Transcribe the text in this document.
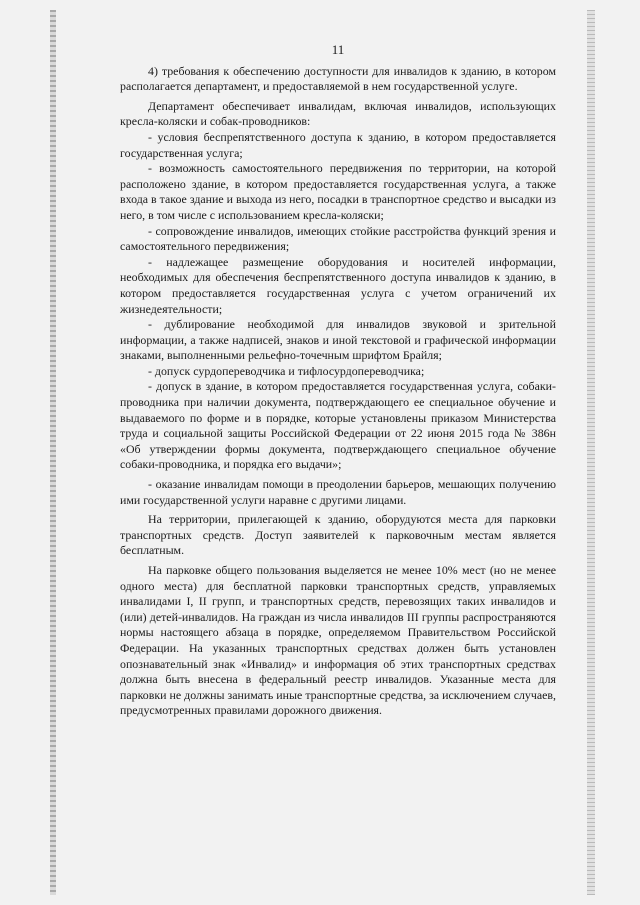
11

4) требования к обеспечению доступности для инвалидов к зданию, в котором располагается департамент, и предоставляемой в нем государственной услуге.

Департамент обеспечивает инвалидам, включая инвалидов, использующих кресла-коляски и собак-проводников:

- условия беспрепятственного доступа к зданию, в котором предоставляется государственная услуга;

- возможность самостоятельного передвижения по территории, на которой расположено здание, в котором предоставляется государственная услуга, а также входа в такое здание и выхода из него, посадки в транспортное средство и высадки из него, в том числе с использованием кресла-коляски;

- сопровождение инвалидов, имеющих стойкие расстройства функций зрения и самостоятельного передвижения;

- надлежащее размещение оборудования и носителей информации, необходимых для обеспечения беспрепятственного доступа инвалидов к зданию, в котором предоставляется государственная услуга с учетом ограничений их жизнедеятельности;

- дублирование необходимой для инвалидов звуковой и зрительной информации, а также надписей, знаков и иной текстовой и графической информации знаками, выполненными рельефно-точечным шрифтом Брайля;

- допуск сурдопереводчика и тифлосурдопереводчика;

- допуск в здание, в котором предоставляется государственная услуга, собаки-проводника при наличии документа, подтверждающего ее специальное обучение и выдаваемого по форме и в порядке, которые установлены приказом Министерства труда и социальной защиты Российской Федерации от 22 июня 2015 года № 386н «Об утверждении формы документа, подтверждающего специальное обучение собаки-проводника, и порядка его выдачи»;

- оказание инвалидам помощи в преодолении барьеров, мешающих получению ими государственной услуги наравне с другими лицами.

На территории, прилегающей к зданию, оборудуются места для парковки транспортных средств. Доступ заявителей к парковочным местам является бесплатным.

На парковке общего пользования выделяется не менее 10% мест (но не менее одного места) для бесплатной парковки транспортных средств, управляемых инвалидами I, II групп, и транспортных средств, перевозящих таких инвалидов и (или) детей-инвалидов. На граждан из числа инвалидов III группы распространяются нормы настоящего абзаца в порядке, определяемом Правительством Российской Федерации. На указанных транспортных средствах должен быть установлен опознавательный знак «Инвалид» и информация об этих транспортных средствах должна быть внесена в федеральный реестр инвалидов. Указанные места для парковки не должны занимать иные транспортные средства, за исключением случаев, предусмотренных правилами дорожного движения.
